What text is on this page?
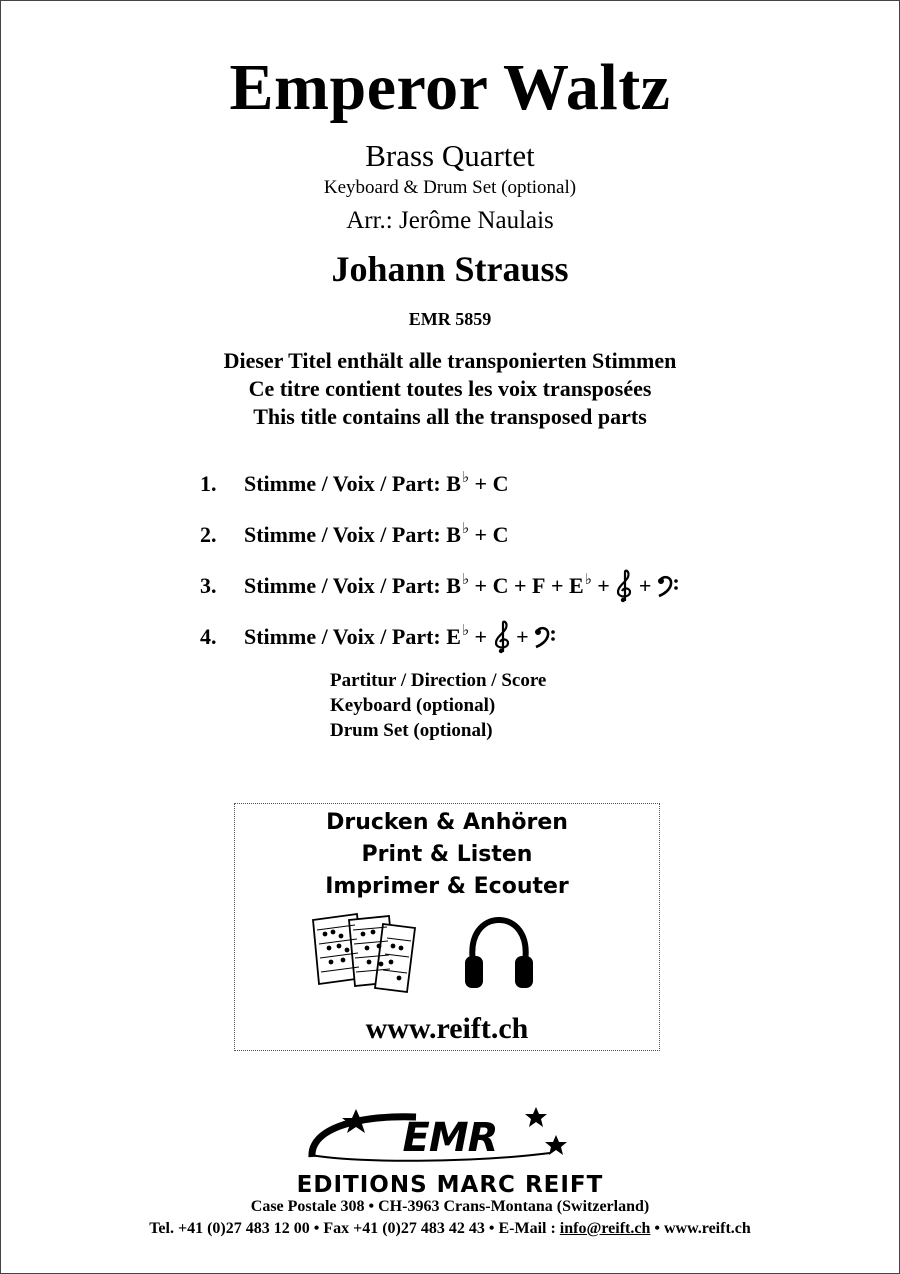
Emperor Waltz
Brass Quartet
Keyboard & Drum Set (optional)
Arr.: Jerôme Naulais
Johann Strauss
EMR 5859
Dieser Titel enthält alle transponierten Stimmen
Ce titre contient toutes les voix transposées
This title contains all the transposed parts
1.	Stimme / Voix / Part: B♭ + C
2.	Stimme / Voix / Part: B♭ + C
3.	Stimme / Voix / Part: B♭ + C + F + E♭ + +
4.	Stimme / Voix / Part: E♭ + +
Partitur / Direction / Score
Keyboard (optional)
Drum Set (optional)
Drucken & Anhören
Print & Listen
Imprimer & Ecouter
www.reift.ch
EMR
EDITIONS MARC REIFT
Case Postale 308 • CH-3963 Crans-Montana (Switzerland)
Tel. +41 (0)27 483 12 00 • Fax +41 (0)27 483 42 43 • E-Mail : info@reift.ch • www.reift.ch
